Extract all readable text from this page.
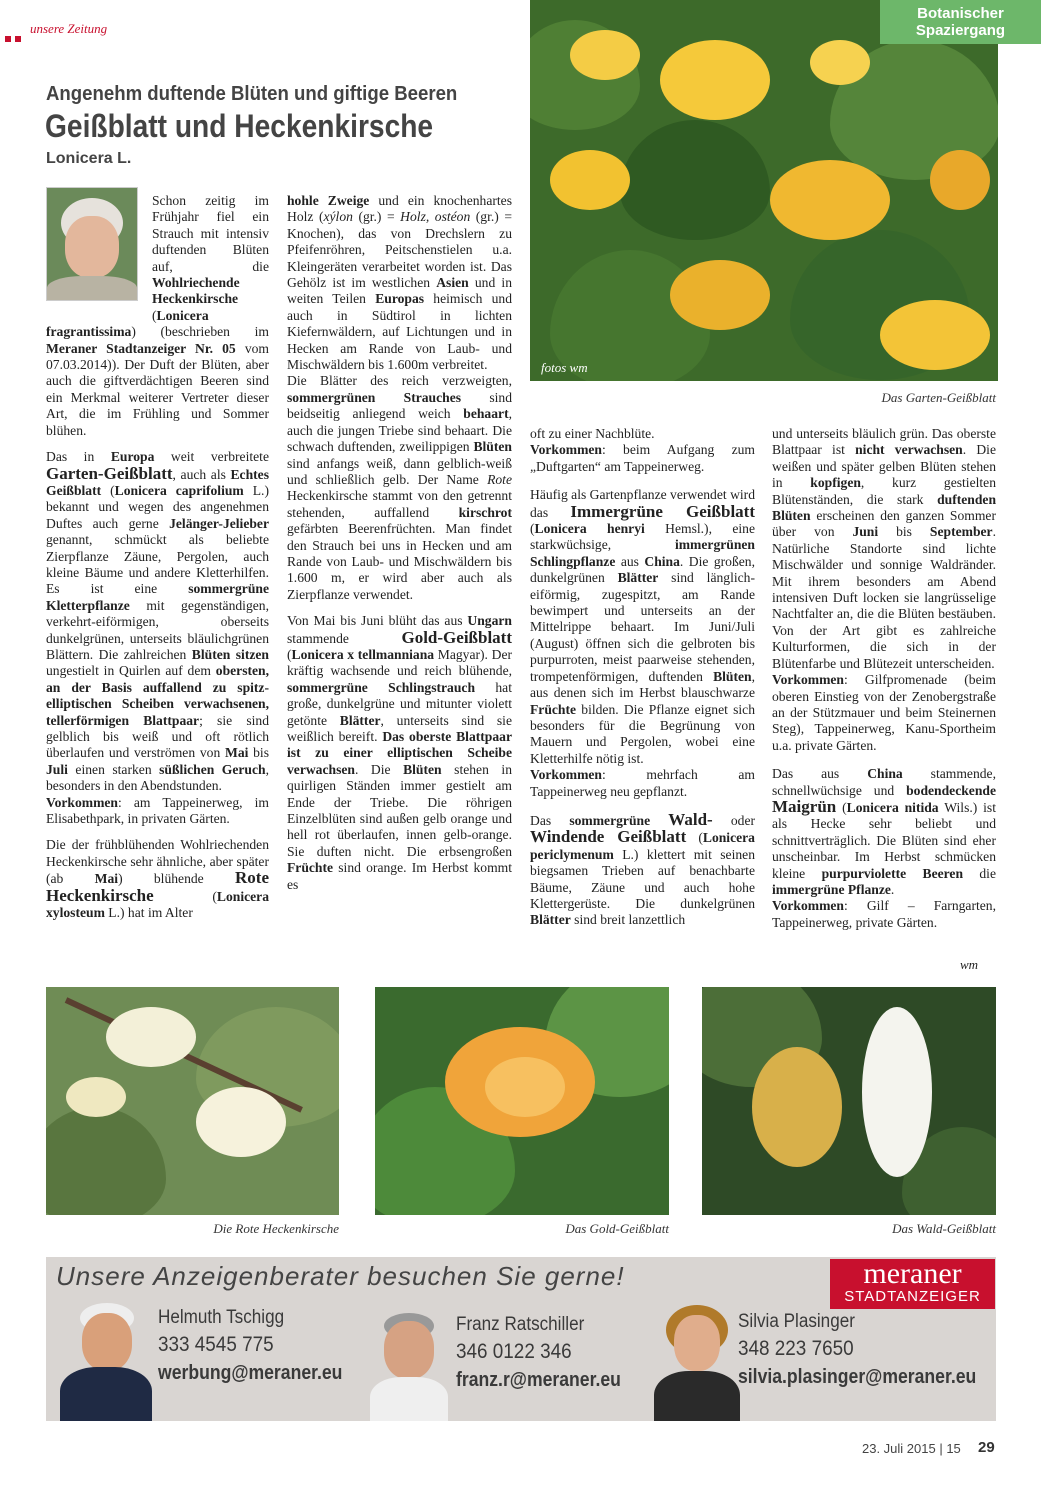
unsere Zeitung
Botanischer
Spaziergang
fotos wm
Das Garten-Geißblatt
Angenehm duftende Blüten und giftige Beeren
Geißblatt und Heckenkirsche
Lonicera L.

Schon zeitig im Frühjahr fiel ein Strauch mit intensiv duftenden Blüten auf, die Wohlriechende Heckenkirsche (Lonicera fragrantissima) (beschrieben im Meraner Stadtanzeiger Nr. 05 vom 07.03.2014)). Der Duft der Blüten, aber auch die giftverdächtigen Beeren sind ein Merkmal weiterer Vertreter dieser Art, die im Frühling und Sommer blühen.

Das in Europa weit verbreitete Garten-Geißblatt, auch als Echtes Geißblatt (Lonicera caprifolium L.) bekannt und wegen des angenehmen Duftes auch gerne Jelänger-Jelieber genannt, schmückt als beliebte Zierpflanze Zäune, Pergolen, auch kleine Bäume und andere Kletterhilfen. Es ist eine sommergrüne Kletterpflanze mit gegenständigen, verkehrt-eiförmigen, oberseits dunkelgrünen, unterseits bläulichgrünen Blättern. Die zahlreichen Blüten sitzen ungestielt in Quirlen auf dem obersten, an der Basis auffallend zu spitz-elliptischen Scheiben verwachsenen, tellerförmigen Blattpaar; sie sind gelblich bis weiß und oft rötlich überlaufen und verströmen von Mai bis Juli einen starken süßlichen Geruch, besonders in den Abendstunden.
Vorkommen: am Tappeinerweg, im Elisabethpark, in privaten Gärten.

Die der frühblühenden Wohlriechenden Heckenkirsche sehr ähnliche, aber später (ab Mai) blühende Rote Heckenkirsche (Lonicera xylosteum L.) hat im Alter

hohle Zweige und ein knochenhartes Holz (xýlon (gr.) = Holz, ostéon (gr.) = Knochen), das von Drechslern zu Pfeifenröhren, Peitschenstielen u.a. Kleingeräten verarbeitet worden ist. Das Gehölz ist im westlichen Asien und in weiten Teilen Europas heimisch und auch in Südtirol in lichten Kiefernwäldern, auf Lichtungen und in Hecken am Rande von Laub- und Mischwäldern bis 1.600m verbreitet.
Die Blätter des reich verzweigten, sommergrünen Strauches sind beidseitig anliegend weich behaart, auch die jungen Triebe sind behaart. Die schwach duftenden, zweilippigen Blüten sind anfangs weiß, dann gelblich-weiß und schließlich gelb. Der Name Rote Heckenkirsche stammt von den getrennt stehenden, auffallend kirschrot gefärbten Beerenfrüchten. Man findet den Strauch bei uns in Hecken und am Rande von Laub- und Mischwäldern bis 1.600 m, er wird aber auch als Zierpflanze verwendet.

Von Mai bis Juni blüht das aus Ungarn stammende Gold-Geißblatt (Lonicera x tellmanniana Magyar). Der kräftig wachsende und reich blühende, sommergrüne Schlingstrauch hat große, dunkelgrüne und mitunter violett getönte Blätter, unterseits sind sie weißlich bereift. Das oberste Blattpaar ist zu einer elliptischen Scheibe verwachsen. Die Blüten stehen in quirligen Ständen immer gestielt am Ende der Triebe. Die röhrigen Einzelblüten sind außen gelb orange und hell rot überlaufen, innen gelb-orange. Sie duften nicht. Die erbsengroßen Früchte sind orange. Im Herbst kommt es

oft zu einer Nachblüte.
Vorkommen: beim Aufgang zum „Duftgarten“ am Tappeinerweg.

Häufig als Gartenpflanze verwendet wird das Immergrüne Geißblatt (Lonicera henryi Hemsl.), eine starkwüchsige, immergrünen Schlingpflanze aus China. Die großen, dunkelgrünen Blätter sind länglich-eiförmig, zugespitzt, am Rande bewimpert und unterseits an der Mittelrippe behaart. Im Juni/Juli (August) öffnen sich die gelbroten bis purpurroten, meist paarweise stehenden, trompetenförmigen, duftenden Blüten, aus denen sich im Herbst blauschwarze Früchte bilden. Die Pflanze eignet sich besonders für die Begrünung von Mauern und Pergolen, wobei eine Kletterhilfe nötig ist.
Vorkommen: mehrfach am Tappeinerweg neu gepflanzt.

Das sommergrüne Wald- oder Windende Geißblatt (Lonicera periclymenum L.) klettert mit seinen biegsamen Trieben auf benachbarte Bäume, Zäune und auch hohe Klettergerüste. Die dunkelgrünen Blätter sind breit lanzettlich

und unterseits bläulich grün. Das oberste Blattpaar ist nicht verwachsen. Die weißen und später gelben Blüten stehen in kopfigen, kurz gestielten Blütenständen, die stark duftenden Blüten erscheinen den ganzen Sommer über von Juni bis September. Natürliche Standorte sind lichte Mischwälder und sonnige Waldränder. Mit ihrem besonders am Abend intensiven Duft locken sie langrüsselige Nachtfalter an, die die Blüten bestäuben. Von der Art gibt es zahlreiche Kulturformen, die sich in der Blütenfarbe und Blütezeit unterscheiden.
Vorkommen: Gilfpromenade (beim oberen Einstieg von der Zenobergstraße an der Stützmauer und beim Steinernen Steg), Tappeinerweg, Kanu-Sportheim u.a. private Gärten.

Das aus China stammende, schnellwüchsige und bodendeckende Maigrün (Lonicera nitida Wils.) ist als Hecke sehr beliebt und schnittverträglich. Die Blüten sind eher unscheinbar. Im Herbst schmücken kleine purpurviolette Beeren die immergrüne Pflanze.
Vorkommen: Gilf – Farngarten, Tappeinerweg, private Gärten.

wm
Die Rote Heckenkirsche	Das Gold-Geißblatt	Das Wald-Geißblatt
Unsere Anzeigenberater besuchen Sie gerne!	meraner
STADTANZEIGER
Helmuth Tschigg
333 4545 775
werbung@meraner.eu
Franz Ratschiller
346 0122 346
franz.r@meraner.eu
Silvia Plasinger
348 223 7650
silvia.plasinger@meraner.eu
23. Juli 2015 | 15 29
